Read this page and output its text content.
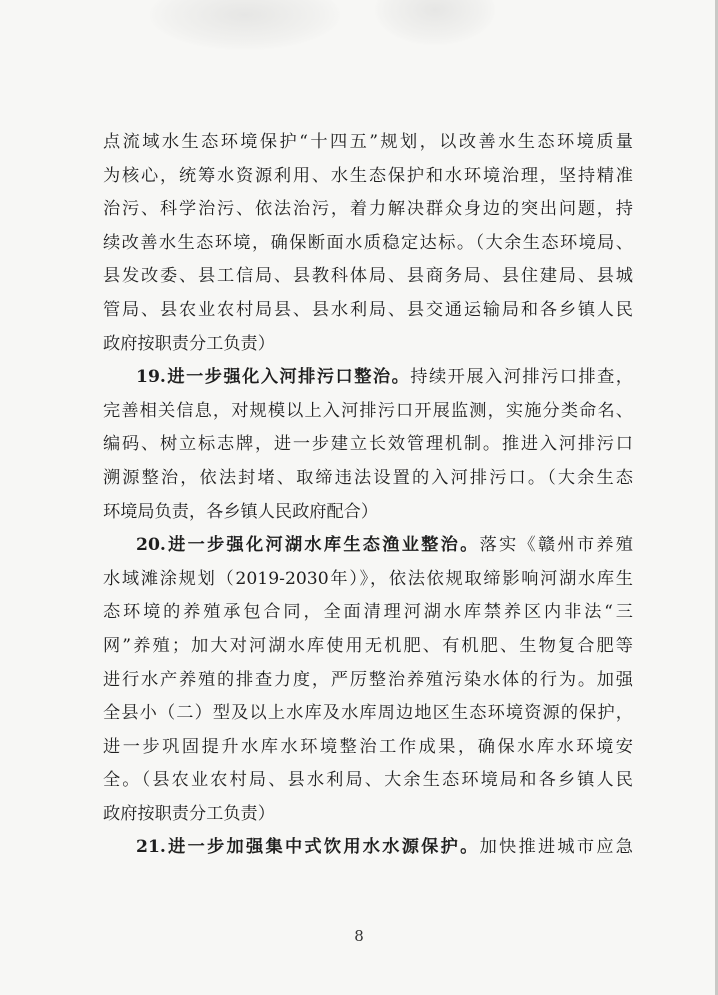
点流域水生态环境保护“十四五”规划，以改善水生态环境质量
为核心，统筹水资源利用、水生态保护和水环境治理，坚持精准
治污、科学治污、依法治污，着力解决群众身边的突出问题，持
续改善水生态环境，确保断面水质稳定达标。（大余生态环境局、
县发改委、县工信局、县教科体局、县商务局、县住建局、县城
管局、县农业农村局县、县水利局、县交通运输局和各乡镇人民
政府按职责分工负责）
19.进一步强化入河排污口整治。持续开展入河排污口排查，
完善相关信息，对规模以上入河排污口开展监测，实施分类命名、
编码、树立标志牌，进一步建立长效管理机制。推进入河排污口
溯源整治，依法封堵、取缔违法设置的入河排污口。（大余生态
环境局负责，各乡镇人民政府配合）
20.进一步强化河湖水库生态渔业整治。落实《赣州市养殖
水域滩涂规划（2019-2030年）》，依法依规取缔影响河湖水库生
态环境的养殖承包合同，全面清理河湖水库禁养区内非法“三
网”养殖；加大对河湖水库使用无机肥、有机肥、生物复合肥等
进行水产养殖的排查力度，严厉整治养殖污染水体的行为。加强
全县小（二）型及以上水库及水库周边地区生态环境资源的保护，
进一步巩固提升水库水环境整治工作成果，确保水库水环境安
全。（县农业农村局、县水利局、大余生态环境局和各乡镇人民
政府按职责分工负责）
21.进一步加强集中式饮用水水源保护。加快推进城市应急
8
